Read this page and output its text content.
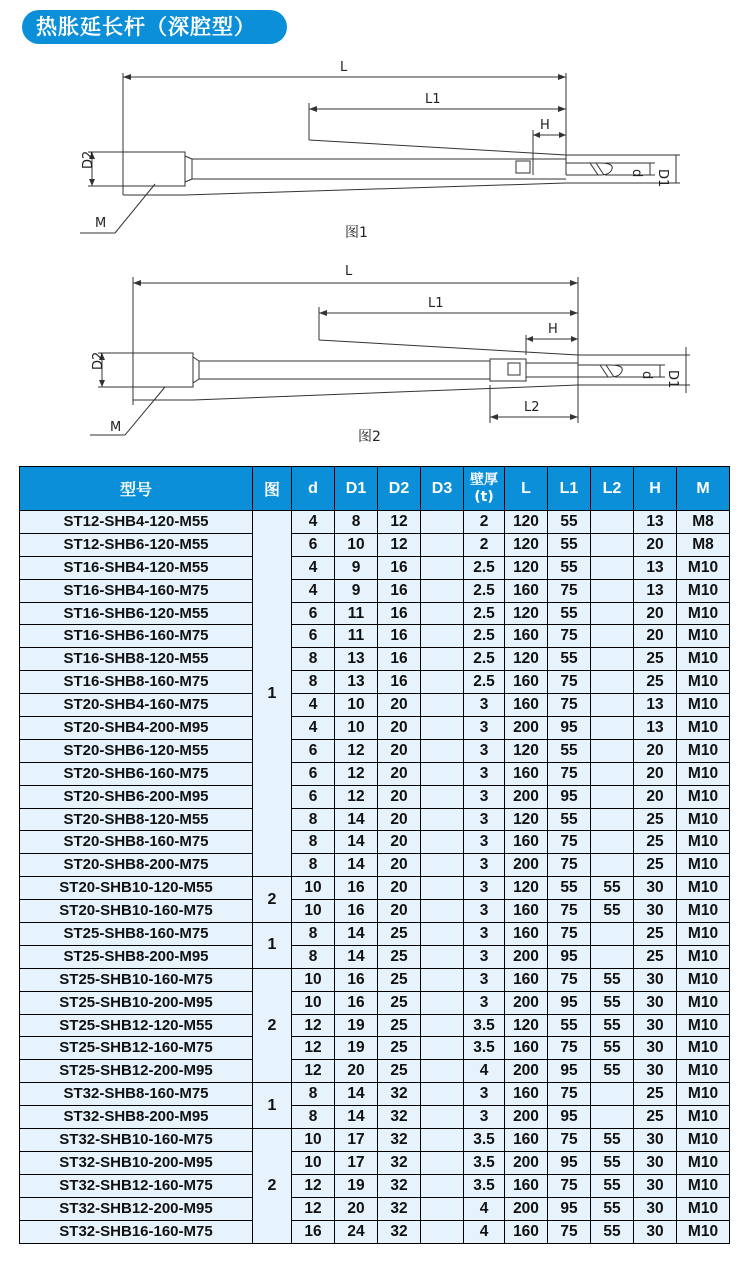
热胀延长杆（深腔型）
L
L1
H
D2
d D1
M
图1
L
L1
H
L2
D2
d D1
M
图2
型号	图	d	D1	D2	D3	壁厚
(t)	L	L1	L2	H	M
ST12-SHB4-120-M55	1	4	8	12		2	120	55		13	M8
ST12-SHB6-120-M55		6	10	12		2	120	55		20	M8
ST16-SHB4-120-M55		4	9	16		2.5	120	55		13	M10
ST16-SHB4-160-M75		4	9	16		2.5	160	75		13	M10
ST16-SHB6-120-M55		6	11	16		2.5	120	55		20	M10
ST16-SHB6-160-M75		6	11	16		2.5	160	75		20	M10
ST16-SHB8-120-M55		8	13	16		2.5	120	55		25	M10
ST16-SHB8-160-M75		8	13	16		2.5	160	75		25	M10
ST20-SHB4-160-M75		4	10	20		3	160	75		13	M10
ST20-SHB4-200-M95		4	10	20		3	200	95		13	M10
ST20-SHB6-120-M55		6	12	20		3	120	55		20	M10
ST20-SHB6-160-M75		6	12	20		3	160	75		20	M10
ST20-SHB6-200-M95		6	12	20		3	200	95		20	M10
ST20-SHB8-120-M55		8	14	20		3	120	55		25	M10
ST20-SHB8-160-M75		8	14	20		3	160	75		25	M10
ST20-SHB8-200-M75		8	14	20		3	200	75		25	M10
ST20-SHB10-120-M55	2	10	16	20		3	120	55	55	30	M10
ST20-SHB10-160-M75		10	16	20		3	160	75	55	30	M10
ST25-SHB8-160-M75	1	8	14	25		3	160	75		25	M10
ST25-SHB8-200-M95		8	14	25		3	200	95		25	M10
ST25-SHB10-160-M75	2	10	16	25		3	160	75	55	30	M10
ST25-SHB10-200-M95		10	16	25		3	200	95	55	30	M10
ST25-SHB12-120-M55		12	19	25		3.5	120	55	55	30	M10
ST25-SHB12-160-M75		12	19	25		3.5	160	75	55	30	M10
ST25-SHB12-200-M95		12	20	25		4	200	95	55	30	M10
ST32-SHB8-160-M75	1	8	14	32		3	160	75		25	M10
ST32-SHB8-200-M95		8	14	32		3	200	95		25	M10
ST32-SHB10-160-M75	2	10	17	32		3.5	160	75	55	30	M10
ST32-SHB10-200-M95		10	17	32		3.5	200	95	55	30	M10
ST32-SHB12-160-M75		12	19	32		3.5	160	75	55	30	M10
ST32-SHB12-200-M95		12	20	32		4	200	95	55	30	M10
ST32-SHB16-160-M75		16	24	32		4	160	75	55	30	M10
